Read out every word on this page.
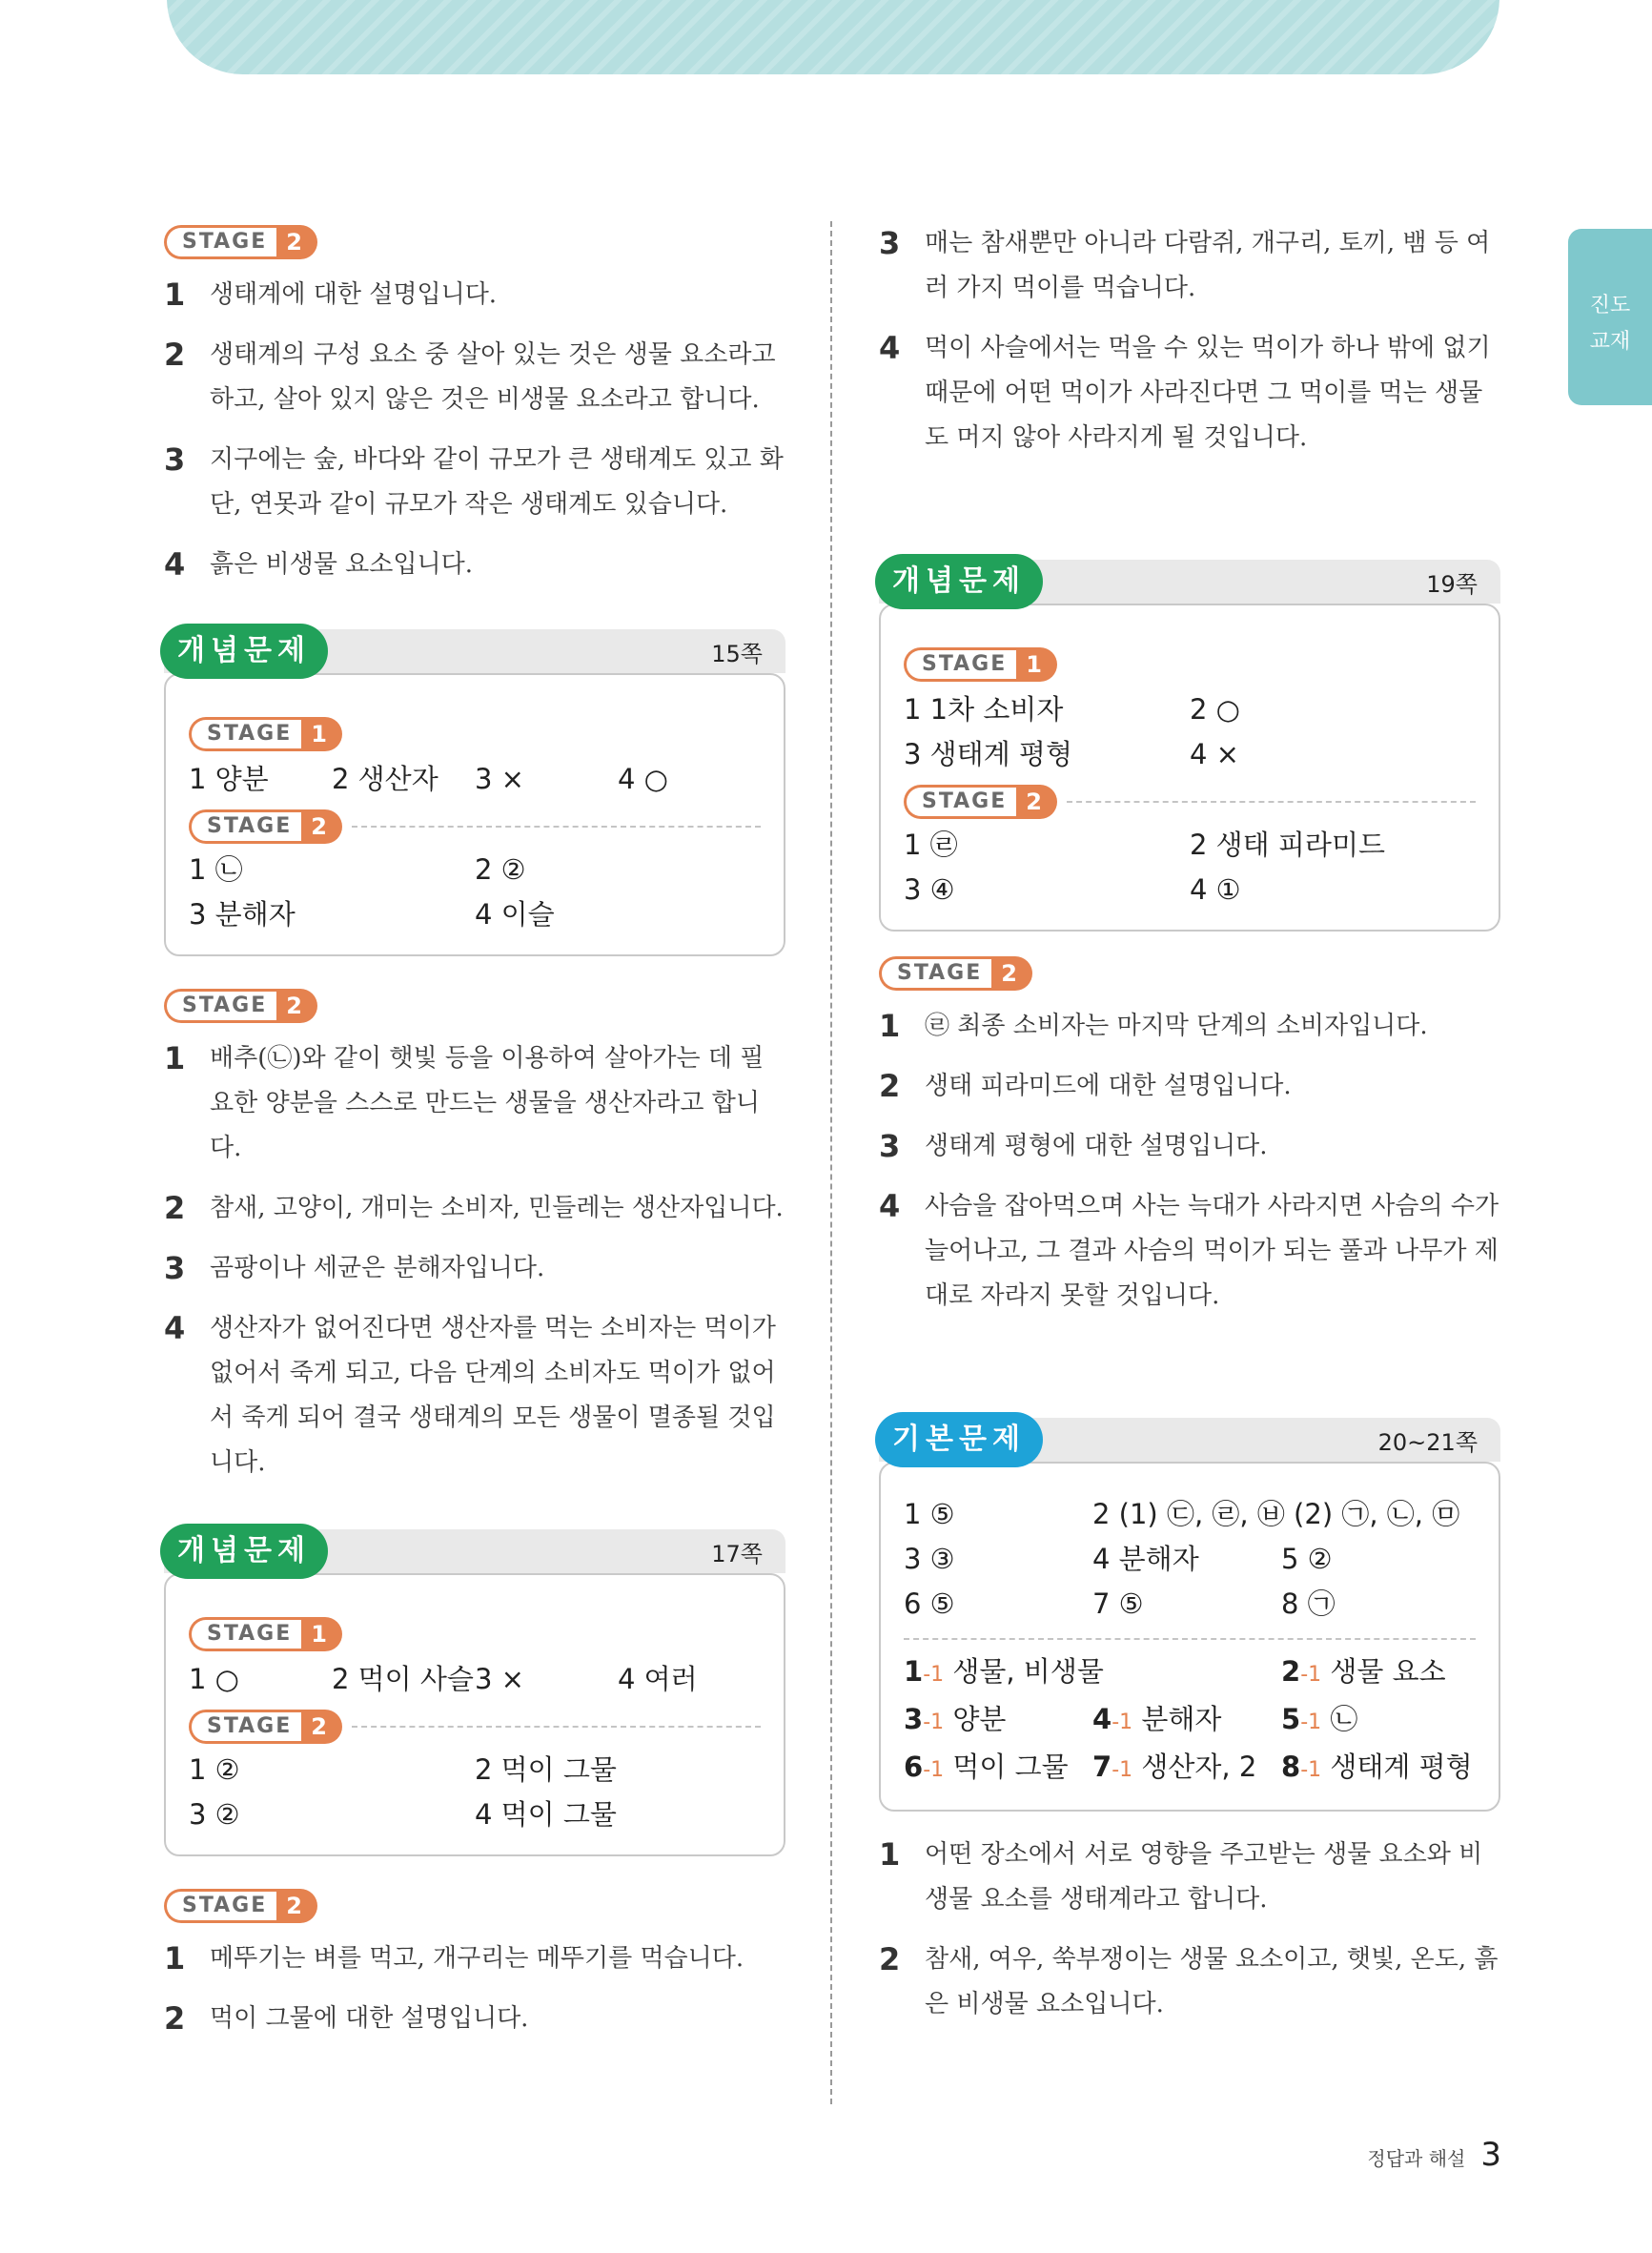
진도
교재
STAGE 2
1 생태계에 대한 설명입니다.
2 생태계의 구성 요소 중 살아 있는 것은 생물 요소라고 하고, 살아 있지 않은 것은 비생물 요소라고 합니다.
3 지구에는 숲, 바다와 같이 규모가 큰 생태계도 있고 화단, 연못과 같이 규모가 작은 생태계도 있습니다.
4 흙은 비생물 요소입니다.
개념문제	15쪽
STAGE 1
1 양분	2 생산자	3 ×	4 ○
STAGE 2
1 ㉡	2 ②
3 분해자	4 이슬
STAGE 2
1 배추(㉡)와 같이 햇빛 등을 이용하여 살아가는 데 필요한 양분을 스스로 만드는 생물을 생산자라고 합니다.
2 참새, 고양이, 개미는 소비자, 민들레는 생산자입니다.
3 곰팡이나 세균은 분해자입니다.
4 생산자가 없어진다면 생산자를 먹는 소비자는 먹이가 없어서 죽게 되고, 다음 단계의 소비자도 먹이가 없어서 죽게 되어 결국 생태계의 모든 생물이 멸종될 것입니다.
개념문제	17쪽
STAGE 1
1 ○	2 먹이 사슬 3 ×	4 여러
STAGE 2
1 ②	2 먹이 그물
3 ②	4 먹이 그물
STAGE 2
1 메뚜기는 벼를 먹고, 개구리는 메뚜기를 먹습니다.
2 먹이 그물에 대한 설명입니다.
3 매는 참새뿐만 아니라 다람쥐, 개구리, 토끼, 뱀 등 여러 가지 먹이를 먹습니다.
4 먹이 사슬에서는 먹을 수 있는 먹이가 하나 밖에 없기 때문에 어떤 먹이가 사라진다면 그 먹이를 먹는 생물도 머지 않아 사라지게 될 것입니다.
개념문제	19쪽
STAGE 1
1 1차 소비자	2 ○
3 생태계 평형	4 ×
STAGE 2
1 ㉣	2 생태 피라미드
3 ④	4 ①
STAGE 2
1 ㉣ 최종 소비자는 마지막 단계의 소비자입니다.
2 생태 피라미드에 대한 설명입니다.
3 생태계 평형에 대한 설명입니다.
4 사슴을 잡아먹으며 사는 늑대가 사라지면 사슴의 수가 늘어나고, 그 결과 사슴의 먹이가 되는 풀과 나무가 제대로 자라지 못할 것입니다.
기본문제	20~21쪽
1 ⑤	2 (1) ㉢, ㉣, ㉥ (2) ㉠, ㉡, ㉤
3 ③	4 분해자	5 ②
6 ⑤	7 ⑤	8 ㉠
1-1 생물, 비생물	2-1 생물 요소
3-1 양분	4-1 분해자	5-1 ㉡
6-1 먹이 그물 7-1 생산자, 2 8-1 생태계 평형
1 어떤 장소에서 서로 영향을 주고받는 생물 요소와 비생물 요소를 생태계라고 합니다.
2 참새, 여우, 쑥부쟁이는 생물 요소이고, 햇빛, 온도, 흙은 비생물 요소입니다.
정답과 해설 3
